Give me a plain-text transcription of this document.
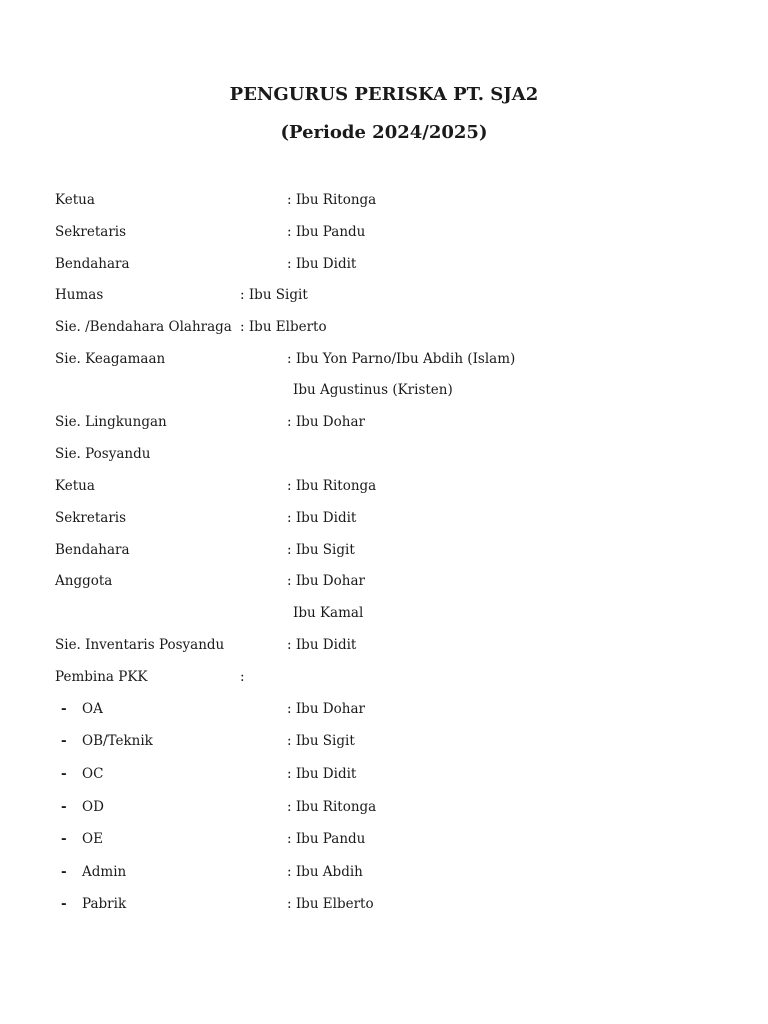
PENGURUS PERISKA PT. SJA2
(Periode 2024/2025)
Ketua	: Ibu Ritonga
Sekretaris	: Ibu Pandu
Bendahara	: Ibu Didit
Humas	: Ibu Sigit
Sie. /Bendahara Olahraga : Ibu Elberto
Sie. Keagamaan	: Ibu Yon Parno/Ibu Abdih (Islam)
Ibu Agustinus (Kristen)
Sie. Lingkungan	: Ibu Dohar
Sie. Posyandu
Ketua	: Ibu Ritonga
Sekretaris	: Ibu Didit
Bendahara	: Ibu Sigit
Anggota	: Ibu Dohar
Ibu Kamal
Sie. Inventaris Posyandu	: Ibu Didit
Pembina PKK	:
- OA	: Ibu Dohar
- OB/Teknik	: Ibu Sigit
- OC	: Ibu Didit
- OD	: Ibu Ritonga
- OE	: Ibu Pandu
- Admin	: Ibu Abdih
- Pabrik	: Ibu Elberto
